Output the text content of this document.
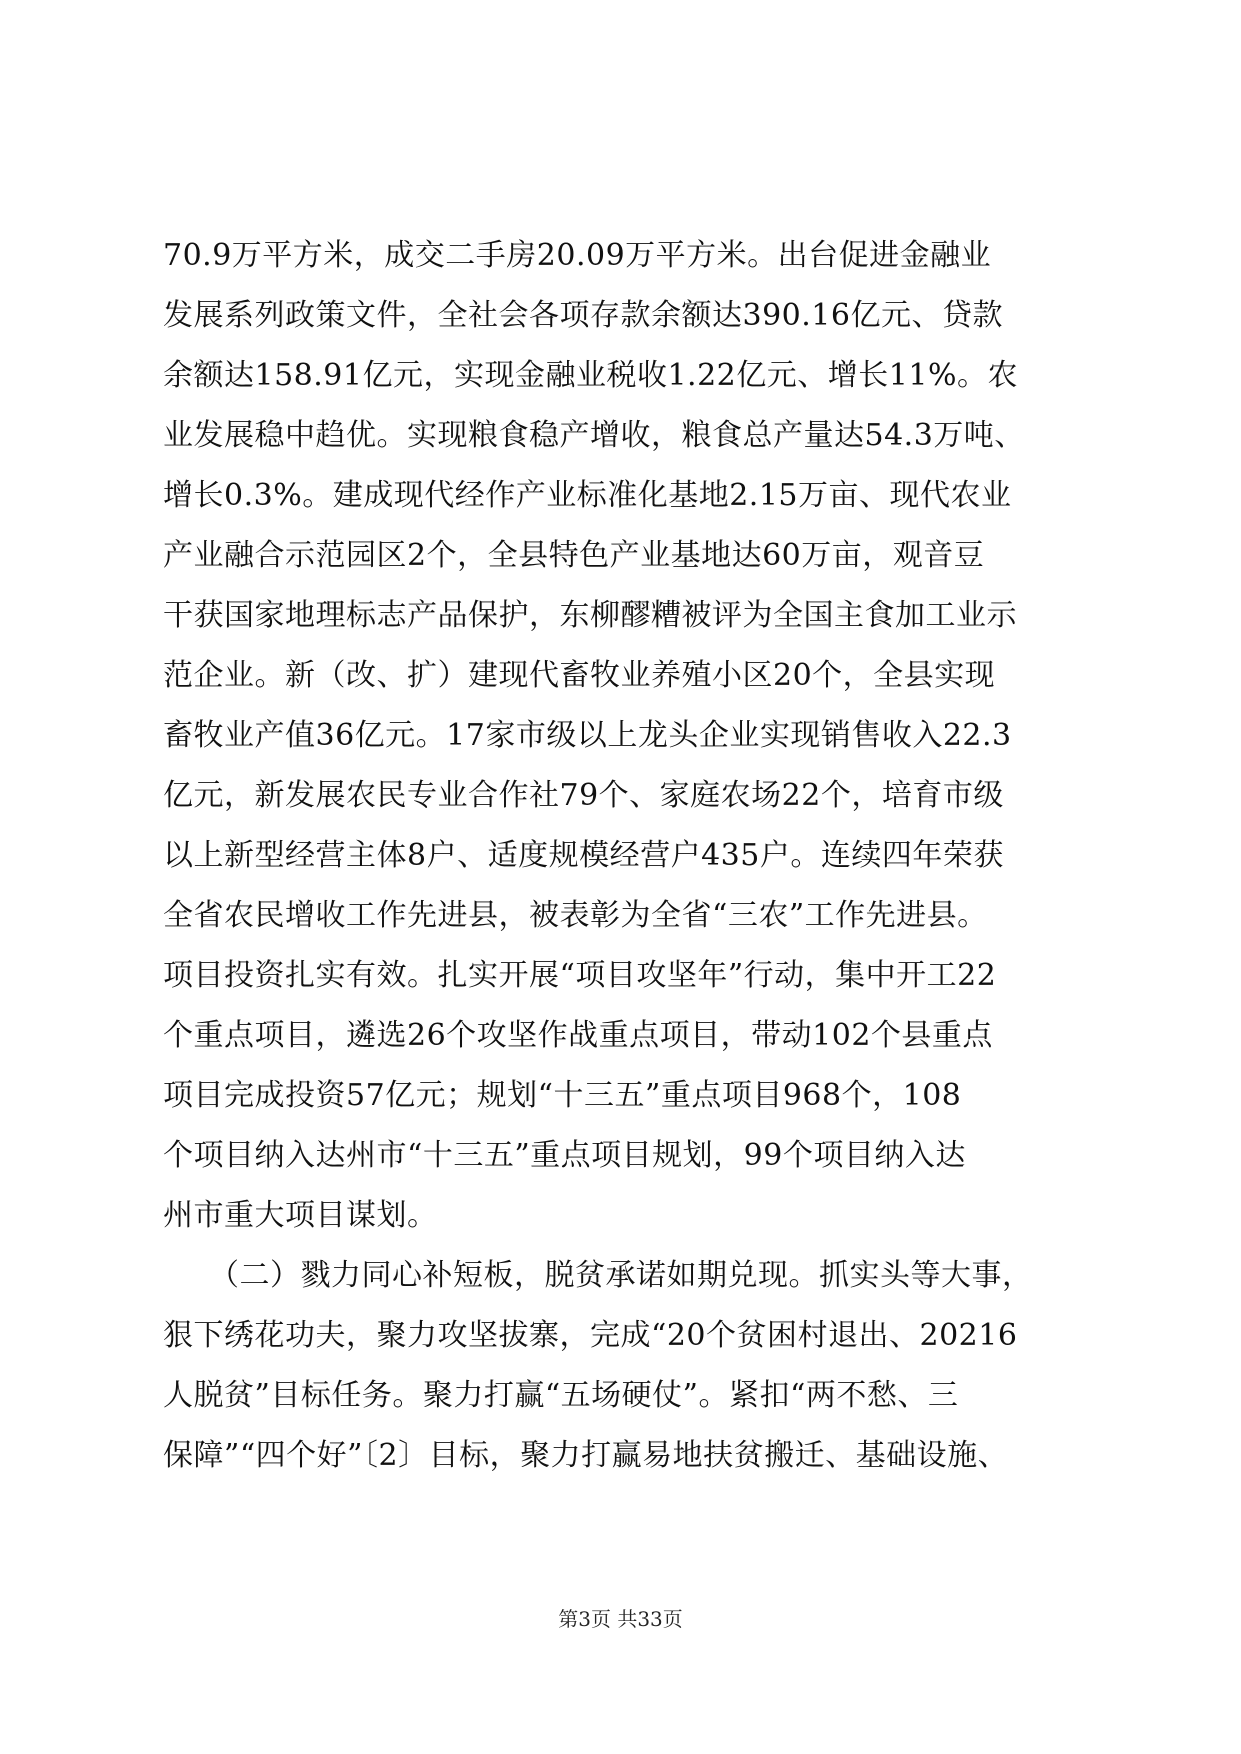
70.9万平方米，成交二手房20.09万平方米。出台促进金融业
发展系列政策文件，全社会各项存款余额达390.16亿元、贷款
余额达158.91亿元，实现金融业税收1.22亿元、增长11%。农
业发展稳中趋优。实现粮食稳产增收，粮食总产量达54.3万吨、
增长0.3%。建成现代经作产业标准化基地2.15万亩、现代农业
产业融合示范园区2个，全县特色产业基地达60万亩，观音豆
干获国家地理标志产品保护，东柳醪糟被评为全国主食加工业示
范企业。新（改、扩）建现代畜牧业养殖小区20个，全县实现
畜牧业产值36亿元。17家市级以上龙头企业实现销售收入22.3
亿元，新发展农民专业合作社79个、家庭农场22个，培育市级
以上新型经营主体8户、适度规模经营户435户。连续四年荣获
全省农民增收工作先进县，被表彰为全省“三农”工作先进县。
项目投资扎实有效。扎实开展“项目攻坚年”行动，集中开工22
个重点项目，遴选26个攻坚作战重点项目，带动102个县重点
项目完成投资57亿元；规划“十三五”重点项目968个，108
个项目纳入达州市“十三五”重点项目规划，99个项目纳入达
州市重大项目谋划。
　　（二）戮力同心补短板，脱贫承诺如期兑现。抓实头等大事，
狠下绣花功夫，聚力攻坚拔寨，完成“20个贫困村退出、20216
人脱贫”目标任务。聚力打赢“五场硬仗”。紧扣“两不愁、三
保障”“四个好”〔2〕目标，聚力打赢易地扶贫搬迁、基础设施、
第3页 共33页
